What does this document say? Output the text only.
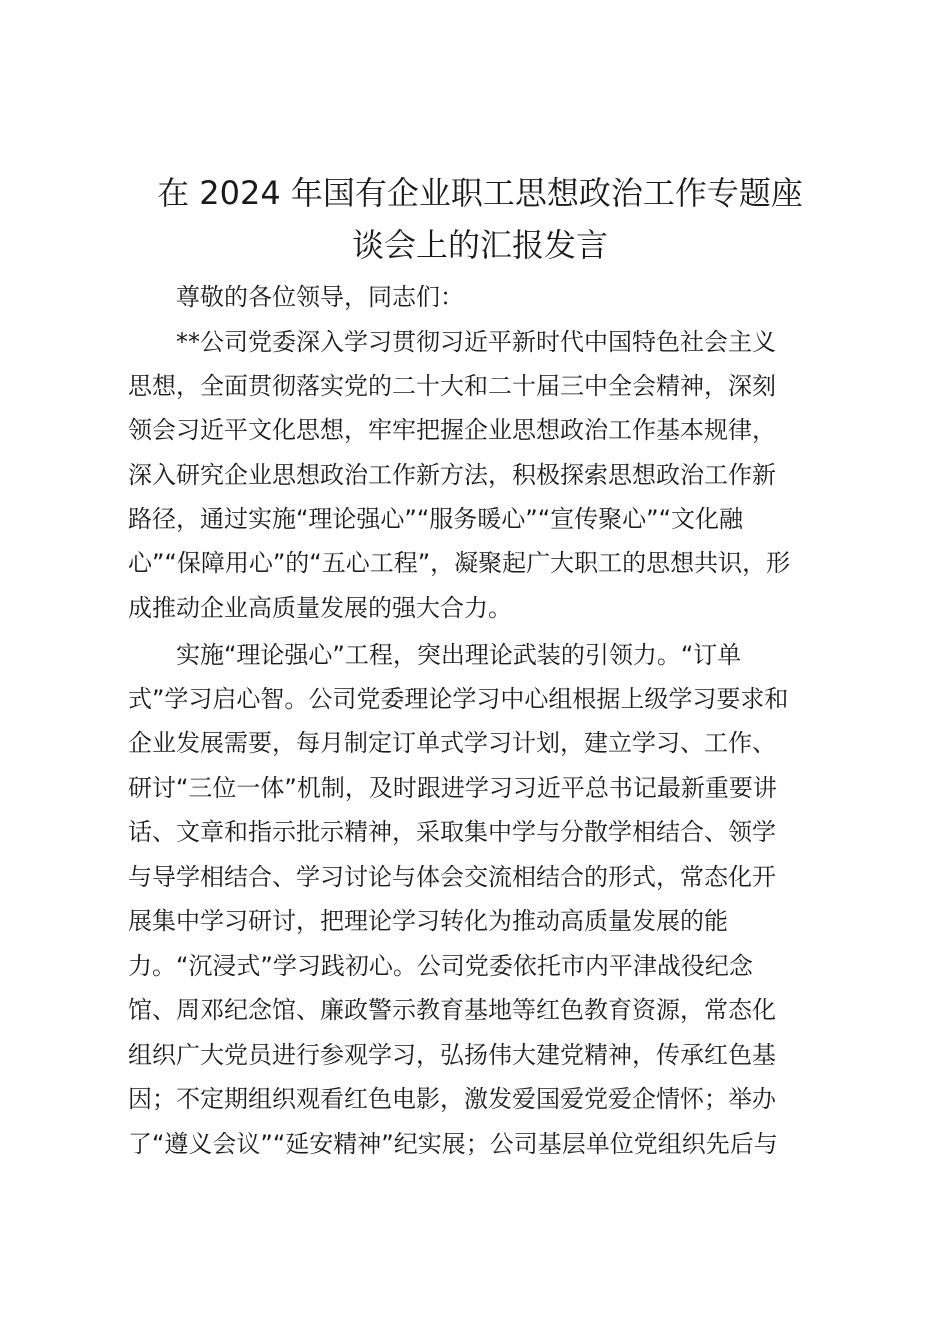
在 2024 年国有企业职工思想政治工作专题座
谈会上的汇报发言
尊敬的各位领导，同志们：
**公司党委深入学习贯彻习近平新时代中国特色社会主义
思想，全面贯彻落实党的二十大和二十届三中全会精神，深刻
领会习近平文化思想，牢牢把握企业思想政治工作基本规律，
深入研究企业思想政治工作新方法，积极探索思想政治工作新
路径，通过实施“理论强心”“服务暖心”“宣传聚心”“文化融
心”“保障用心”的“五心工程”，凝聚起广大职工的思想共识，形
成推动企业高质量发展的强大合力。
实施“理论强心”工程，突出理论武装的引领力。“订单
式”学习启心智。公司党委理论学习中心组根据上级学习要求和
企业发展需要，每月制定订单式学习计划，建立学习、工作、
研讨“三位一体”机制，及时跟进学习习近平总书记最新重要讲
话、文章和指示批示精神，采取集中学与分散学相结合、领学
与导学相结合、学习讨论与体会交流相结合的形式，常态化开
展集中学习研讨，把理论学习转化为推动高质量发展的能
力。“沉浸式”学习践初心。公司党委依托市内平津战役纪念
馆、周邓纪念馆、廉政警示教育基地等红色教育资源，常态化
组织广大党员进行参观学习，弘扬伟大建党精神，传承红色基
因；不定期组织观看红色电影，激发爱国爱党爱企情怀；举办
了“遵义会议”“延安精神”纪实展；公司基层单位党组织先后与
